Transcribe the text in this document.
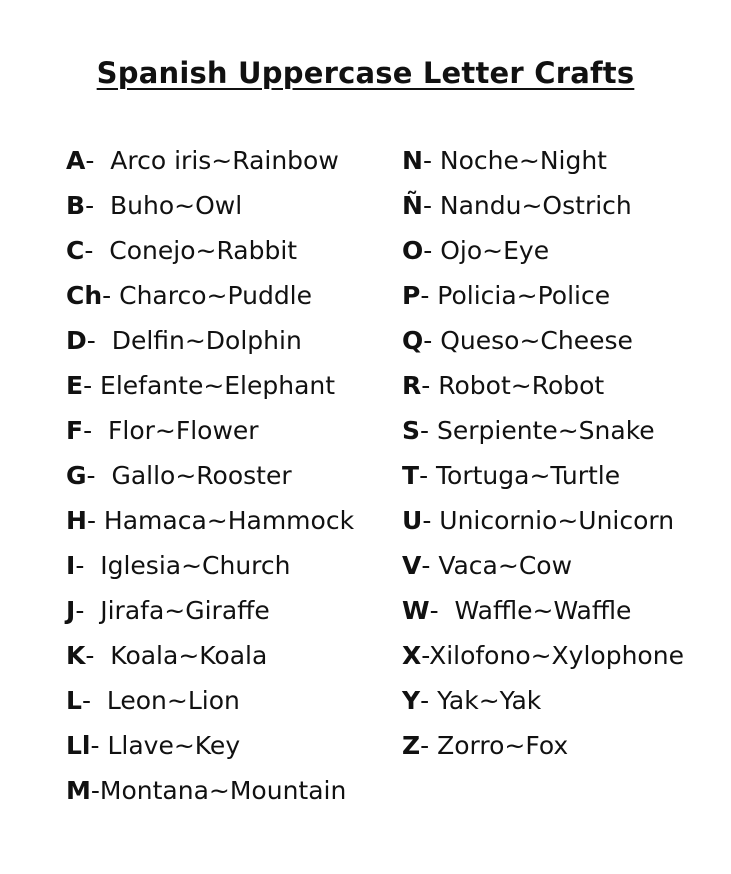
Spanish Uppercase Letter Crafts
A-  Arco iris~Rainbow
B-  Buho~Owl
C-  Conejo~Rabbit
Ch- Charco~Puddle
D-  Delfin~Dolphin
E- Elefante~Elephant
F-  Flor~Flower
G-  Gallo~Rooster
H- Hamaca~Hammock
I-  Iglesia~Church
J-  Jirafa~Giraffe
K-  Koala~Koala
L-  Leon~Lion
Ll- Llave~Key
M-Montana~Mountain
N- Noche~Night
Ñ- Nandu~Ostrich
O- Ojo~Eye
P- Policia~Police
Q- Queso~Cheese
R- Robot~Robot
S- Serpiente~Snake
T- Tortuga~Turtle
U- Unicornio~Unicorn
V- Vaca~Cow
W-  Waffle~Waffle
X-Xilofono~Xylophone
Y- Yak~Yak
Z- Zorro~Fox
